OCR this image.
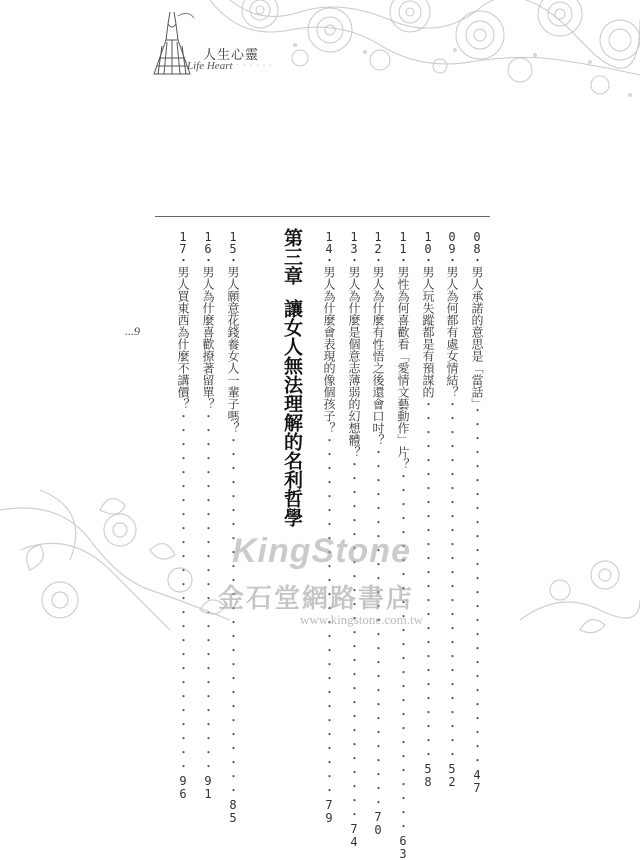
人生心靈
Life Heart
·······
08
・男人承諾的意思是「當話」・・・・・・・・・・・・・・・・・・・・・・・・・・
47
09
・男人為何都有處女情結？・・・・・・・・・・・・・・・・・・・・・・・・・・
52
10
・男人玩失蹤都是有預謀的・・・・・・・・・・・・・・・・・・・・・・・・・・
58
11
・男性為何喜歡看「愛情文藝動作」片？・・・・・・・・・・・・・・・・・・・・・・・・・・
63
12
・男人為什麼有性悟之後還會口吋？・・・・・・・・・・・・・・・・・・・・・・・・・・
70
13
・男人為什麼是個意志薄弱的幻想體？・・・・・・・・・・・・・・・・・・・・・・・・・・
74
14
・男人為什麼會表現的像個孩子？・・・・・・・・・・・・・・・・・・・・・・・・・・
79
第三章讓女人無法理解的名利哲學
15
・男人願意花錢養女人一輩子嗎？・・・・・・・・・・・・・・・・・・・・・・・・・・
85
16
・男人為什麼喜歡撩著留單？・・・・・・・・・・・・・・・・・・・・・・・・・・
91
17
・男人買東西為什麼不講價？・・・・・・・・・・・・・・・・・・・・・・・・・・
96
...9
KingStone
金石堂網路書店
www.kingstone.com.tw
